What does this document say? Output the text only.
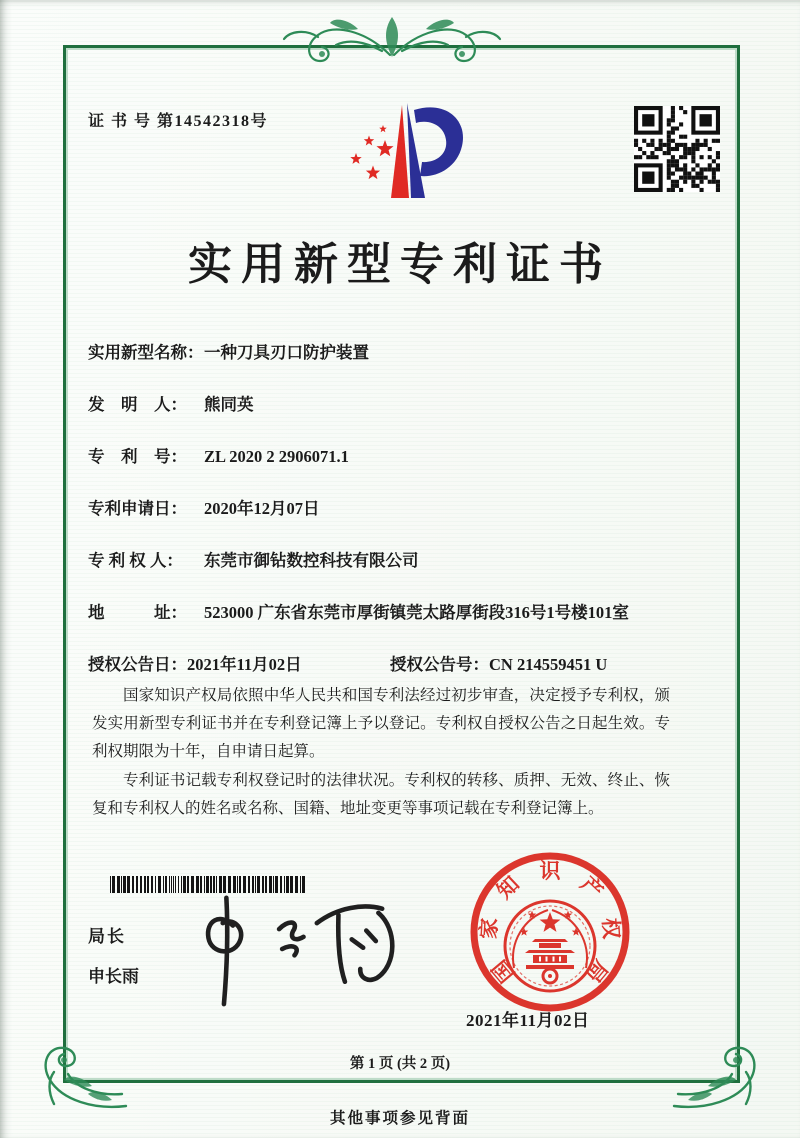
证 书 号 第14542318号
实用新型专利证书
实用新型名称： 一种刀具刃口防护装置
发　明　人：	熊同英
专　利　号：	ZL 2020 2 2906071.1
专利申请日：	2020年12月07日
专 利 权 人：	东莞市御钻数控科技有限公司
地　　　址：	523000 广东省东莞市厚街镇莞太路厚街段316号1号楼101室
授权公告日：2021年11月02日	授权公告号：CN 214559451 U

国家知识产权局依照中华人民共和国专利法经过初步审查，决定授予专利权，颁发实用新型专利证书并在专利登记簿上予以登记。专利权自授权公告之日起生效。专利权期限为十年，自申请日起算。

专利证书记载专利权登记时的法律状况。专利权的转移、质押、无效、终止、恢复和专利权人的姓名或名称、国籍、地址变更等事项记载在专利登记簿上。

局长
申长雨	国
家
知
识
产
权
局
2021年11月02日
第 1 页 (共 2 页)
其他事项参见背面
